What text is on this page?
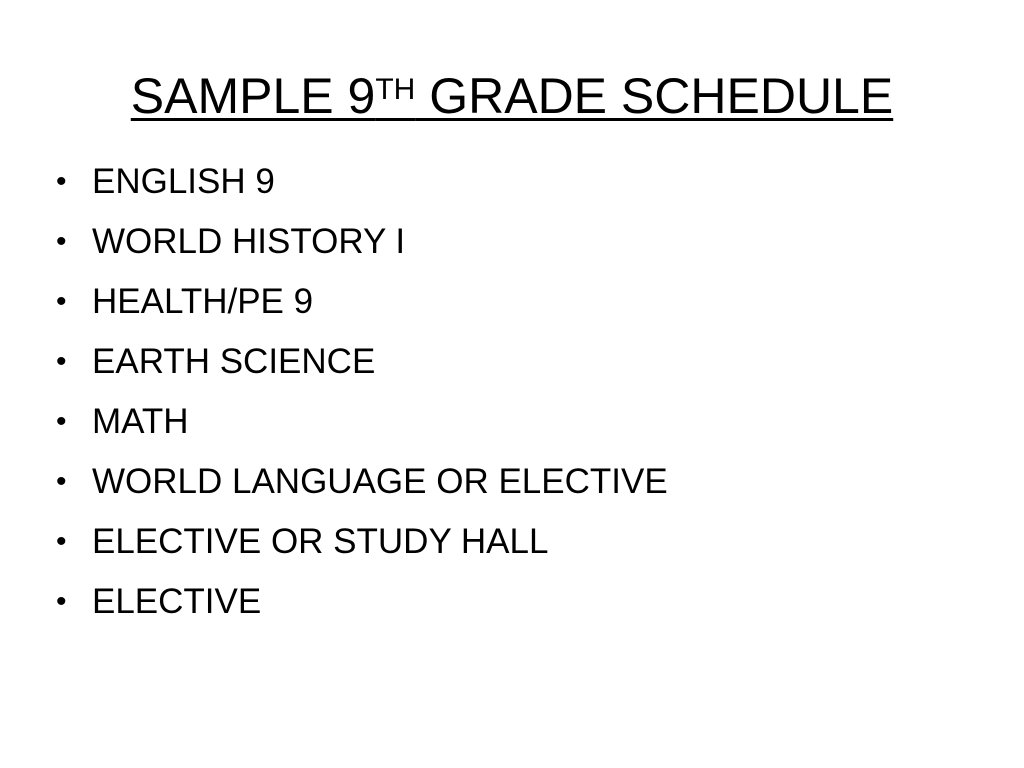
SAMPLE 9TH GRADE SCHEDULE
• ENGLISH 9
• WORLD HISTORY I
• HEALTH/PE 9
• EARTH SCIENCE
• MATH
• WORLD LANGUAGE OR ELECTIVE
• ELECTIVE OR STUDY HALL
• ELECTIVE
